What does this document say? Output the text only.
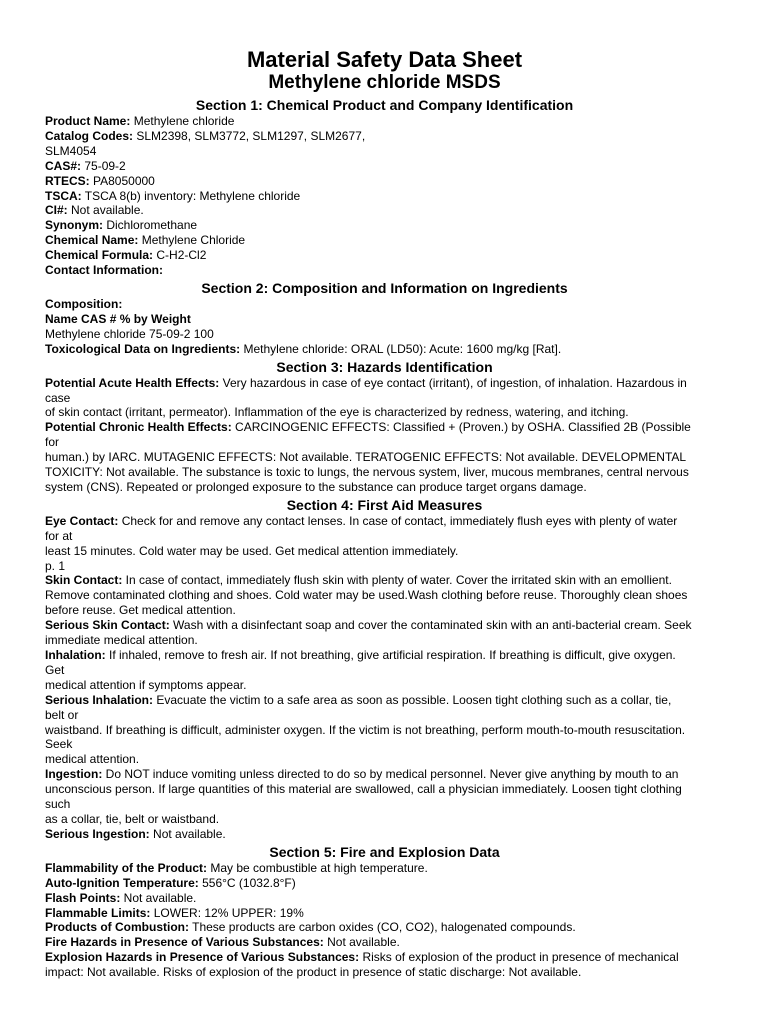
Material Safety Data Sheet
Methylene chloride MSDS
Section 1: Chemical Product and Company Identification
Product Name: Methylene chloride
Catalog Codes: SLM2398, SLM3772, SLM1297, SLM2677,
SLM4054
CAS#: 75-09-2
RTECS: PA8050000
TSCA: TSCA 8(b) inventory: Methylene chloride
CI#: Not available.
Synonym: Dichloromethane
Chemical Name: Methylene Chloride
Chemical Formula: C-H2-Cl2
Contact Information:
Section 2: Composition and Information on Ingredients
Composition:
Name CAS # % by Weight
Methylene chloride 75-09-2 100
Toxicological Data on Ingredients: Methylene chloride: ORAL (LD50): Acute: 1600 mg/kg [Rat].
Section 3: Hazards Identification
Potential Acute Health Effects: Very hazardous in case of eye contact (irritant), of ingestion, of inhalation. Hazardous in
case
of skin contact (irritant, permeator). Inflammation of the eye is characterized by redness, watering, and itching.
Potential Chronic Health Effects: CARCINOGENIC EFFECTS: Classified + (Proven.) by OSHA. Classified 2B (Possible
for
human.) by IARC. MUTAGENIC EFFECTS: Not available. TERATOGENIC EFFECTS: Not available. DEVELOPMENTAL
TOXICITY: Not available. The substance is toxic to lungs, the nervous system, liver, mucous membranes, central nervous
system (CNS). Repeated or prolonged exposure to the substance can produce target organs damage.
Section 4: First Aid Measures
Eye Contact: Check for and remove any contact lenses. In case of contact, immediately flush eyes with plenty of water
for at
least 15 minutes. Cold water may be used. Get medical attention immediately.
p. 1
Skin Contact: In case of contact, immediately flush skin with plenty of water. Cover the irritated skin with an emollient.
Remove contaminated clothing and shoes. Cold water may be used.Wash clothing before reuse. Thoroughly clean shoes
before reuse. Get medical attention.
Serious Skin Contact: Wash with a disinfectant soap and cover the contaminated skin with an anti-bacterial cream. Seek
immediate medical attention.
Inhalation: If inhaled, remove to fresh air. If not breathing, give artificial respiration. If breathing is difficult, give oxygen.
Get
medical attention if symptoms appear.
Serious Inhalation: Evacuate the victim to a safe area as soon as possible. Loosen tight clothing such as a collar, tie,
belt or
waistband. If breathing is difficult, administer oxygen. If the victim is not breathing, perform mouth-to-mouth resuscitation.
Seek
medical attention.
Ingestion: Do NOT induce vomiting unless directed to do so by medical personnel. Never give anything by mouth to an
unconscious person. If large quantities of this material are swallowed, call a physician immediately. Loosen tight clothing
such
as a collar, tie, belt or waistband.
Serious Ingestion: Not available.
Section 5: Fire and Explosion Data
Flammability of the Product: May be combustible at high temperature.
Auto-Ignition Temperature: 556°C (1032.8°F)
Flash Points: Not available.
Flammable Limits: LOWER: 12% UPPER: 19%
Products of Combustion: These products are carbon oxides (CO, CO2), halogenated compounds.
Fire Hazards in Presence of Various Substances: Not available.
Explosion Hazards in Presence of Various Substances: Risks of explosion of the product in presence of mechanical
impact: Not available. Risks of explosion of the product in presence of static discharge: Not available.
